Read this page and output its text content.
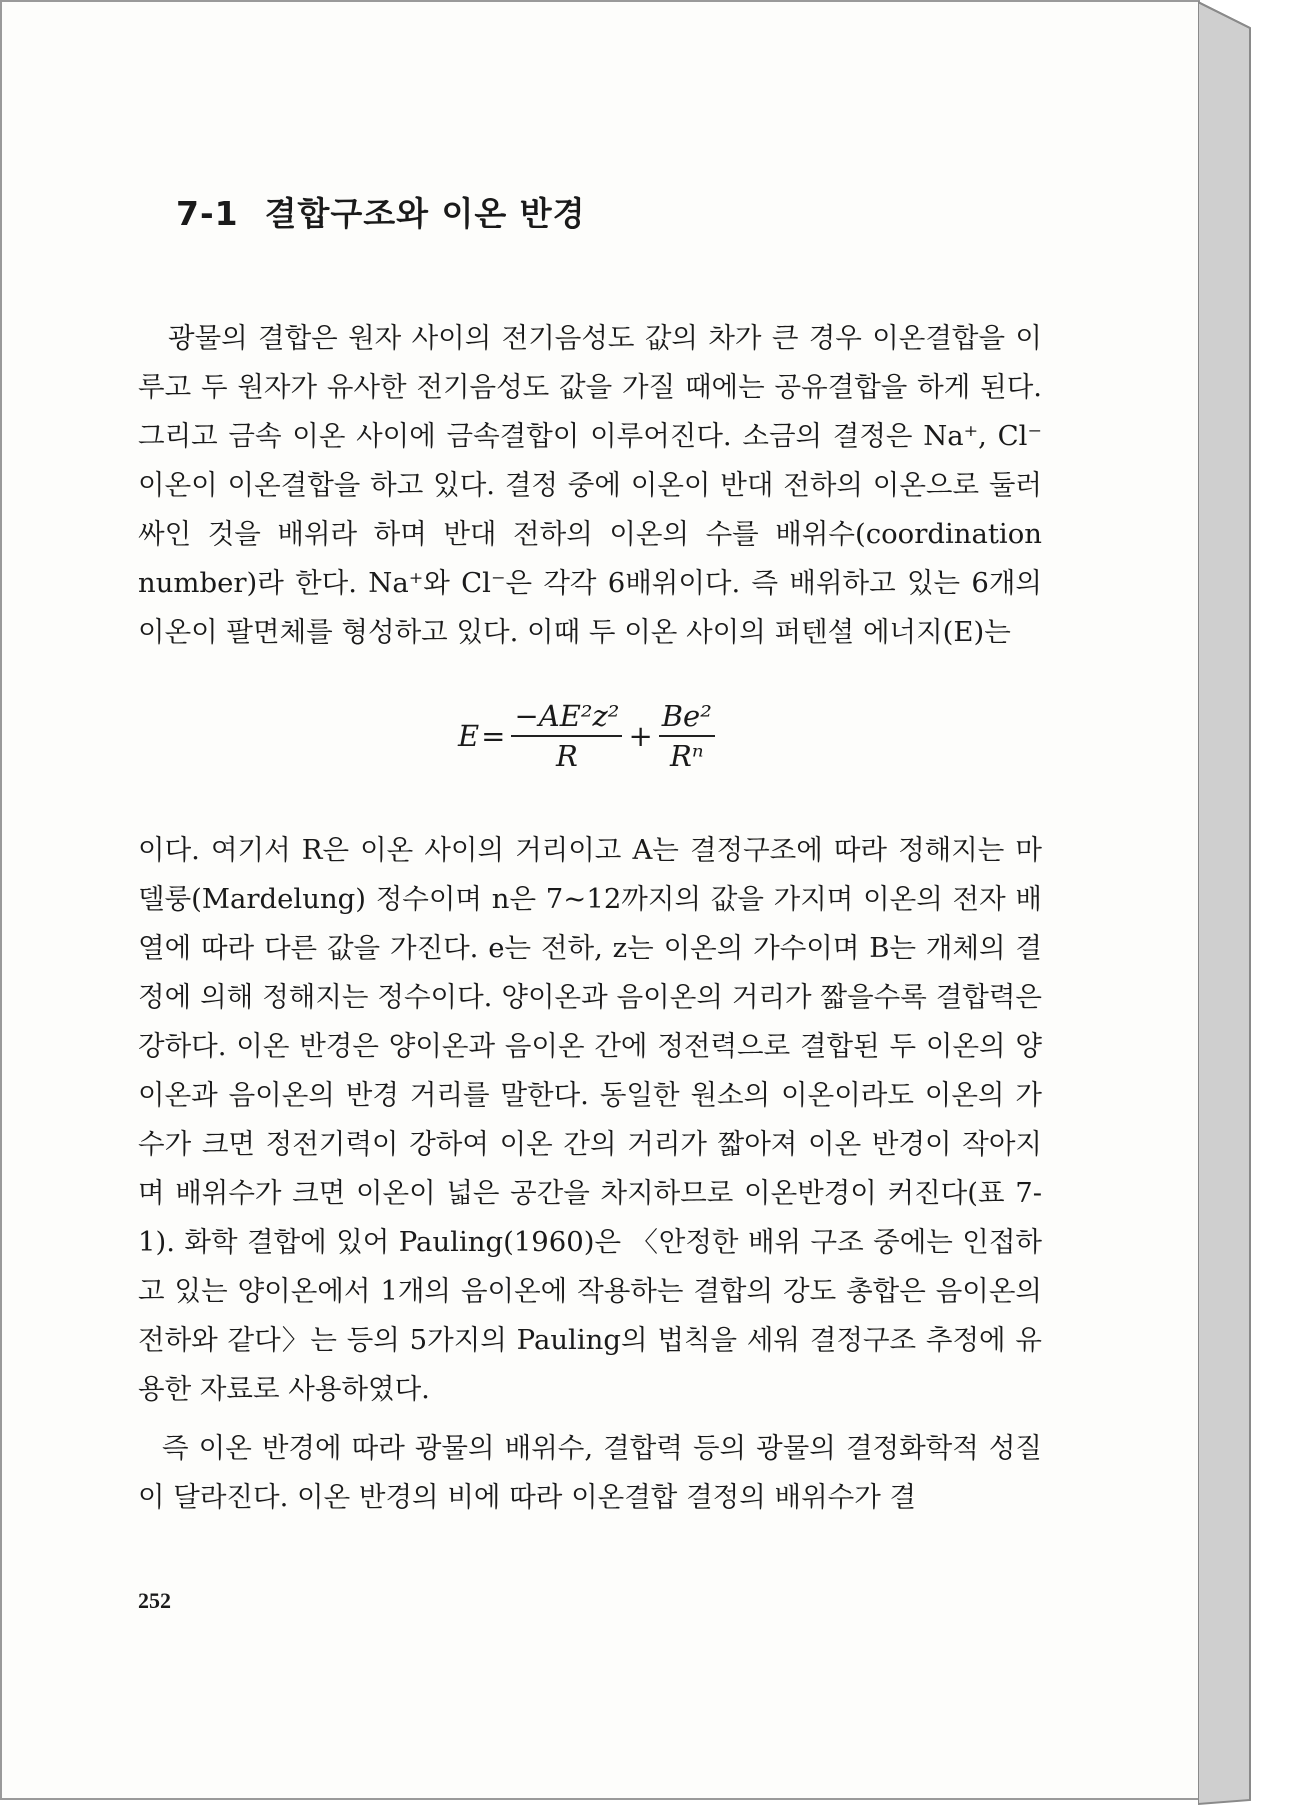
7-1 결합구조와 이온 반경

광물의 결합은 원자 사이의 전기음성도 값의 차가 큰 경우 이온결합을 이루고 두 원자가 유사한 전기음성도 값을 가질 때에는 공유결합을 하게 된다. 그리고 금속 이온 사이에 금속결합이 이루어진다. 소금의 결정은 Na⁺, Cl⁻ 이온이 이온결합을 하고 있다. 결정 중에 이온이 반대 전하의 이온으로 둘러싸인 것을 배위라 하며 반대 전하의 이온의 수를 배위수(coordination number)라 한다. Na⁺와 Cl⁻은 각각 6배위이다. 즉 배위하고 있는 6개의 이온이 팔면체를 형성하고 있다. 이때 두 이온 사이의 퍼텐셜 에너지(E)는

$E = \frac{\text{−AE²z²}}{R} + \frac{\text{Be²}}{\text{Rⁿ}}$

이다. 여기서 R은 이온 사이의 거리이고 A는 결정구조에 따라 정해지는 마델룽(Mardelung) 정수이며 n은 7~12까지의 값을 가지며 이온의 전자 배열에 따라 다른 값을 가진다. e는 전하, z는 이온의 가수이며 B는 개체의 결정에 의해 정해지는 정수이다. 양이온과 음이온의 거리가 짧을수록 결합력은 강하다. 이온 반경은 양이온과 음이온 간에 정전력으로 결합된 두 이온의 양이온과 음이온의 반경 거리를 말한다. 동일한 원소의 이온이라도 이온의 가수가 크면 정전기력이 강하여 이온 간의 거리가 짧아져 이온 반경이 작아지며 배위수가 크면 이온이 넓은 공간을 차지하므로 이온반경이 커진다(표 7-1). 화학 결합에 있어 Pauling(1960)은 〈안정한 배위 구조 중에는 인접하고 있는 양이온에서 1개의 음이온에 작용하는 결합의 강도 총합은 음이온의 전하와 같다〉는 등의 5가지의 Pauling의 법칙을 세워 결정구조 추정에 유용한 자료로 사용하였다.

즉 이온 반경에 따라 광물의 배위수, 결합력 등의 광물의 결정화학적 성질이 달라진다. 이온 반경의 비에 따라 이온결합 결정의 배위수가 결

252
